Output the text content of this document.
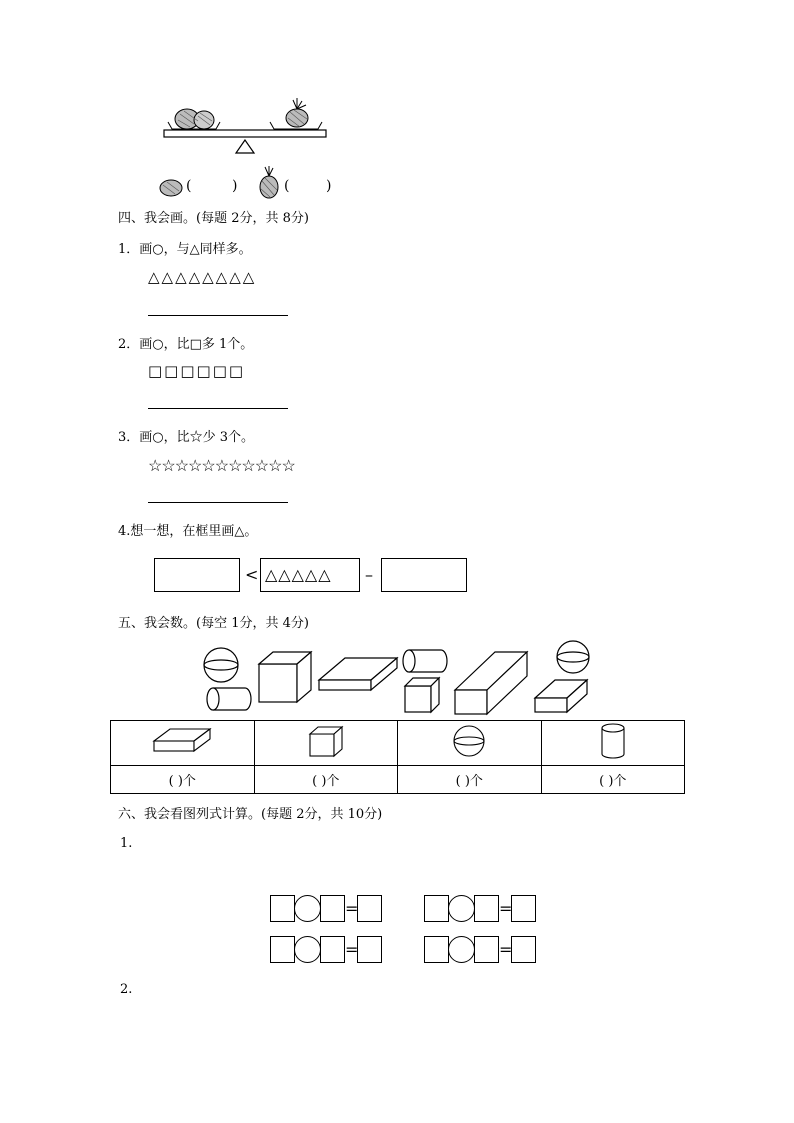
(	)	(	)
四、我会画。(每题 2分，共 8分)
1．画○，与△同样多。
△△△△△△△△
2．画○，比□多 1个。
□□□□□□
3．画○，比☆少 3个。
☆☆☆☆☆☆☆☆☆☆☆
4.想一想，在框里画△。
< △△△△△ –
五、我会数。(每空 1分，共 4分)

( )个	( )个	( )个	( )个
六、我会看图列式计算。(每题 2分，共 10分)
1.
=	=
=	=
2.
